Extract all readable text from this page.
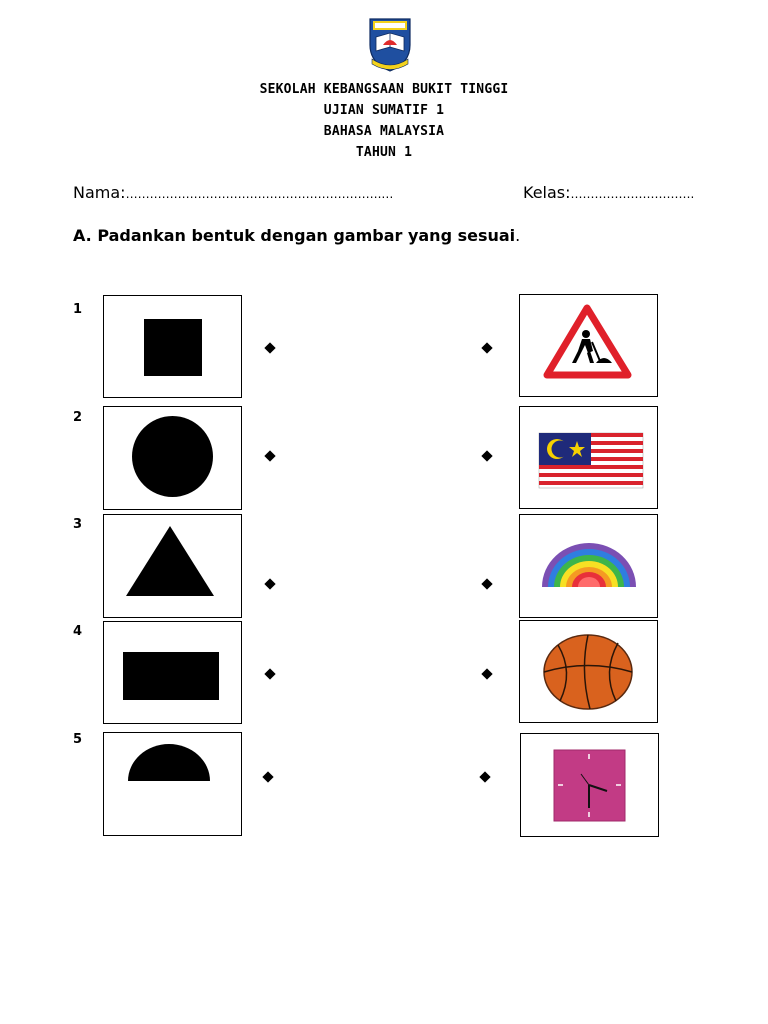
SEKOLAH KEBANGSAAN BUKIT TINGGI
UJIAN SUMATIF 1
BAHASA MALAYSIA
TAHUN 1
Nama:……………………………………………………….…	Kelas:………………………….
A. Padankan bentuk dengan gambar yang sesuai.
1
2
3
4
5
